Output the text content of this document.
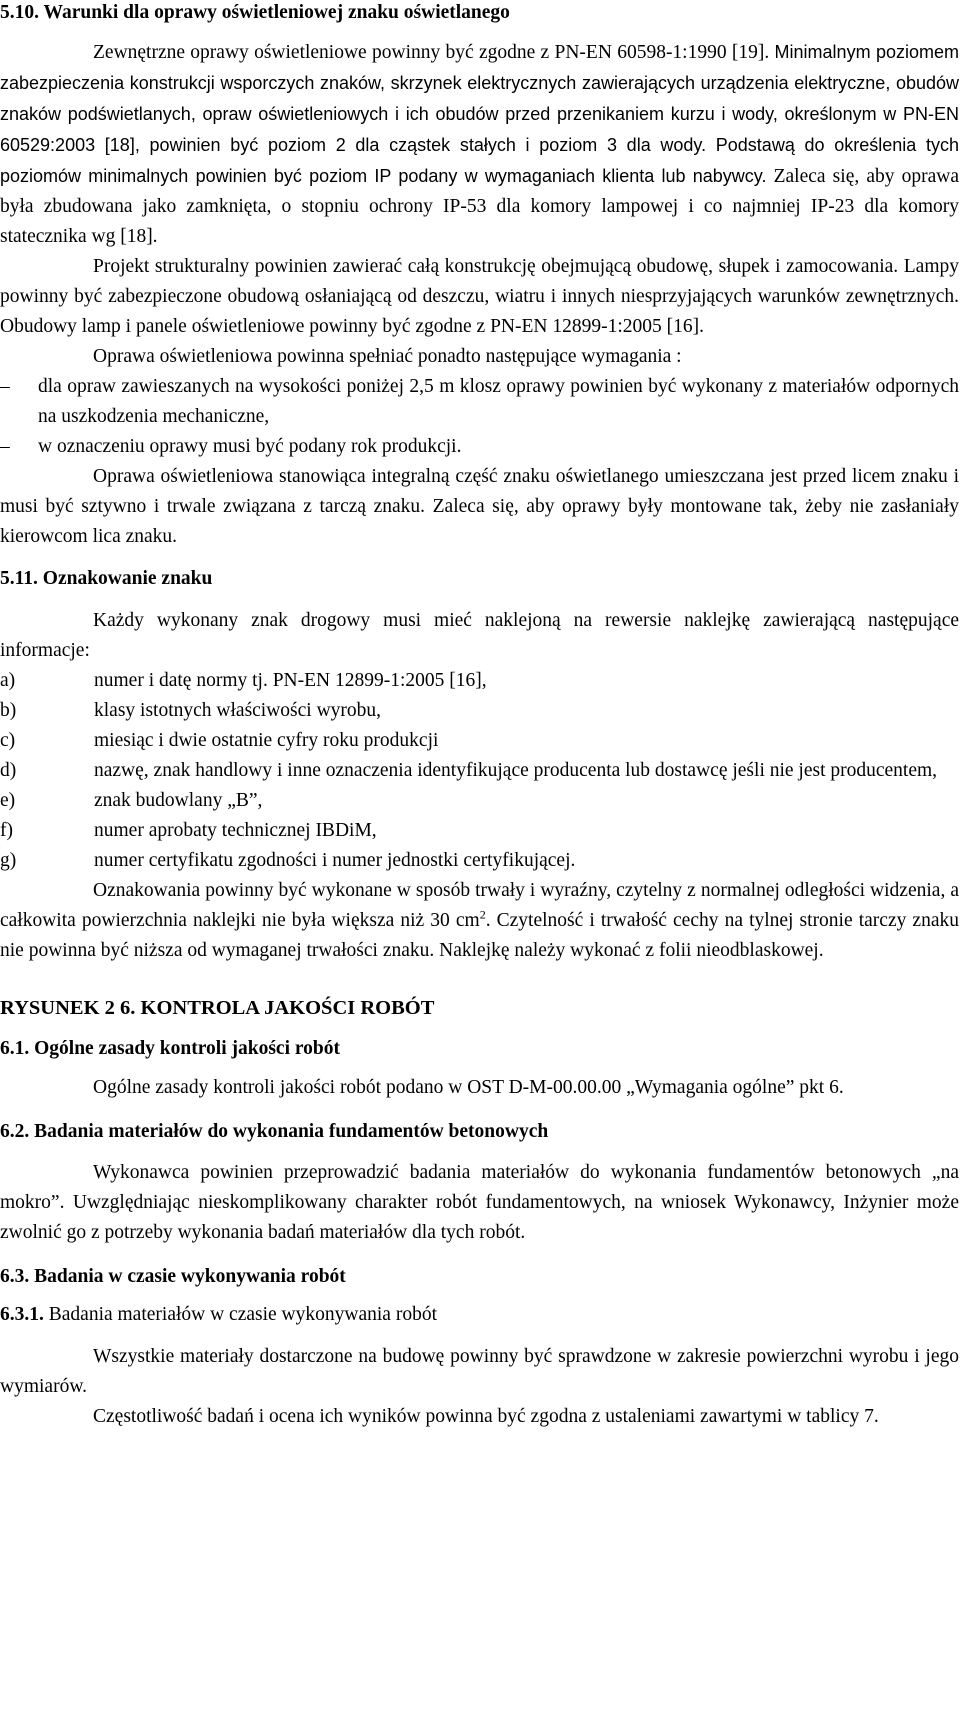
5.10. Warunki dla oprawy oświetleniowej znaku oświetlanego

Zewnętrzne oprawy oświetleniowe powinny być zgodne z PN-EN 60598-1:1990 [19]. Minimalnym poziomem zabezpieczenia konstrukcji wsporczych znaków, skrzynek elektrycznych zawierających urządzenia elektryczne, obudów znaków podświetlanych, opraw oświetleniowych i ich obudów przed przenikaniem kurzu i wody, określonym w PN-EN 60529:2003 [18], powinien być poziom 2 dla cząstek stałych i poziom 3 dla wody. Podstawą do określenia tych poziomów minimalnych powinien być poziom IP podany w wymaganiach klienta lub nabywcy. Zaleca się, aby oprawa była zbudowana jako zamknięta, o stopniu ochrony IP-53 dla komory lampowej i co najmniej IP-23 dla komory statecznika wg [18].

Projekt strukturalny powinien zawierać całą konstrukcję obejmującą obudowę, słupek i zamocowania. Lampy powinny być zabezpieczone obudową osłaniającą od deszczu, wiatru i innych niesprzyjających warunków zewnętrznych. Obudowy lamp i panele oświetleniowe powinny być zgodne z PN-EN 12899-1:2005 [16].

Oprawa oświetleniowa powinna spełniać ponadto następujące wymagania :

–	dla opraw zawieszanych na wysokości poniżej 2,5 m klosz oprawy powinien być wykonany z materiałów odpornych na uszkodzenia mechaniczne,
–	w oznaczeniu oprawy musi być podany rok produkcji.

Oprawa oświetleniowa stanowiąca integralną część znaku oświetlanego umieszczana jest przed licem znaku i musi być sztywno i trwale związana z tarczą znaku. Zaleca się, aby oprawy były montowane tak, żeby nie zasłaniały kierowcom lica znaku.

5.11. Oznakowanie znaku

Każdy wykonany znak drogowy musi mieć naklejoną na rewersie naklejkę zawierającą następujące informacje:

a)	numer i datę normy tj. PN-EN 12899-1:2005 [16],
b)	klasy istotnych właściwości wyrobu,
c)	miesiąc i dwie ostatnie cyfry roku produkcji
d)	nazwę, znak handlowy i inne oznaczenia identyfikujące producenta lub dostawcę jeśli nie jest producentem,
e)	znak budowlany „B”,
f)	numer aprobaty technicznej IBDiM,
g)	numer certyfikatu zgodności i numer jednostki certyfikującej.

Oznakowania powinny być wykonane w sposób trwały i wyraźny, czytelny z normalnej odległości widzenia, a całkowita powierzchnia naklejki nie była większa niż 30 $cm^2$. Czytelność i trwałość cechy na tylnej stronie tarczy znaku nie powinna być niższa od wymaganej trwałości znaku. Naklejkę należy wykonać z folii nieodblaskowej.

RYSUNEK 2 6. KONTROLA JAKOŚCI ROBÓT
6.1. Ogólne zasady kontroli jakości robót

Ogólne zasady kontroli jakości robót podano w OST D-M-00.00.00 „Wymagania ogólne” pkt 6.

6.2. Badania materiałów do wykonania fundamentów betonowych

Wykonawca powinien przeprowadzić badania materiałów do wykonania fundamentów betonowych „na mokro”. Uwzględniając nieskomplikowany charakter robót fundamentowych, na wniosek Wykonawcy, Inżynier może zwolnić go z potrzeby wykonania badań materiałów dla tych robót.

6.3. Badania w czasie wykonywania robót
6.3.1. Badania materiałów w czasie wykonywania robót

Wszystkie materiały dostarczone na budowę powinny być sprawdzone w zakresie powierzchni wyrobu i jego wymiarów.

Częstotliwość badań i ocena ich wyników powinna być zgodna z ustaleniami zawartymi w tablicy 7.
